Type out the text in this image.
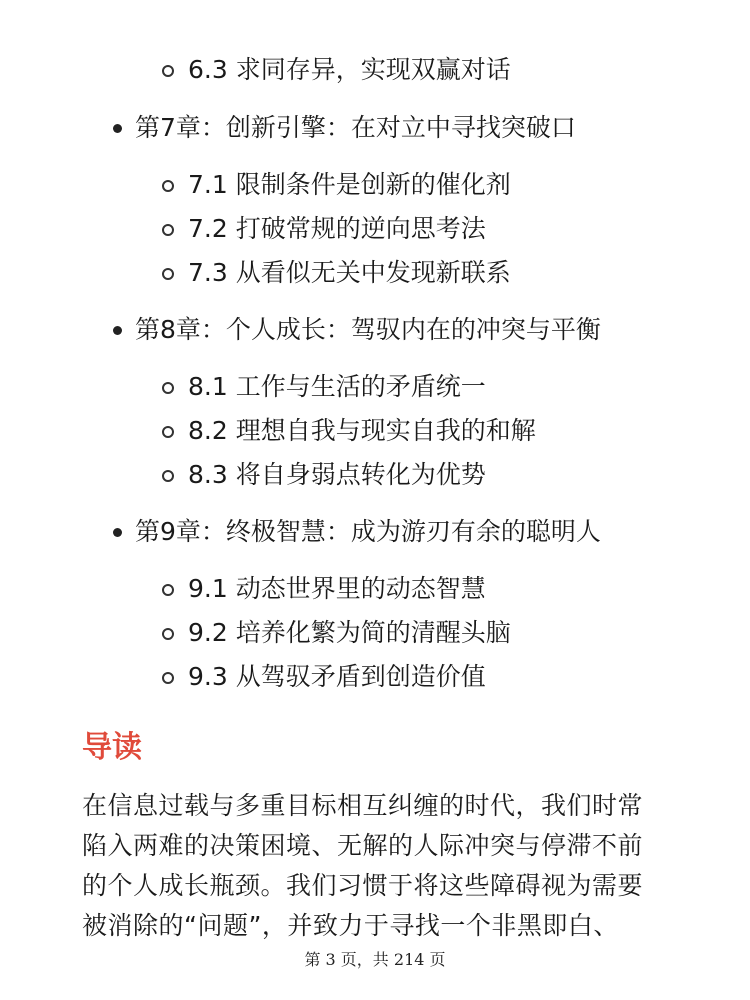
6.3 求同存异，实现双赢对话
第7章：创新引擎：在对立中寻找突破口
7.1 限制条件是创新的催化剂
7.2 打破常规的逆向思考法
7.3 从看似无关中发现新联系
第8章：个人成长：驾驭内在的冲突与平衡
8.1 工作与生活的矛盾统一
8.2 理想自我与现实自我的和解
8.3 将自身弱点转化为优势
第9章：终极智慧：成为游刃有余的聪明人
9.1 动态世界里的动态智慧
9.2 培养化繁为简的清醒头脑
9.3 从驾驭矛盾到创造价值
导读
在信息过载与多重目标相互纠缠的时代，我们时常
陷入两难的决策困境、无解的人际冲突与停滞不前
的个人成长瓶颈。我们习惯于将这些障碍视为需要
被消除的“问题”，并致力于寻找一个非黑即白、
第 3 页，共 214 页
